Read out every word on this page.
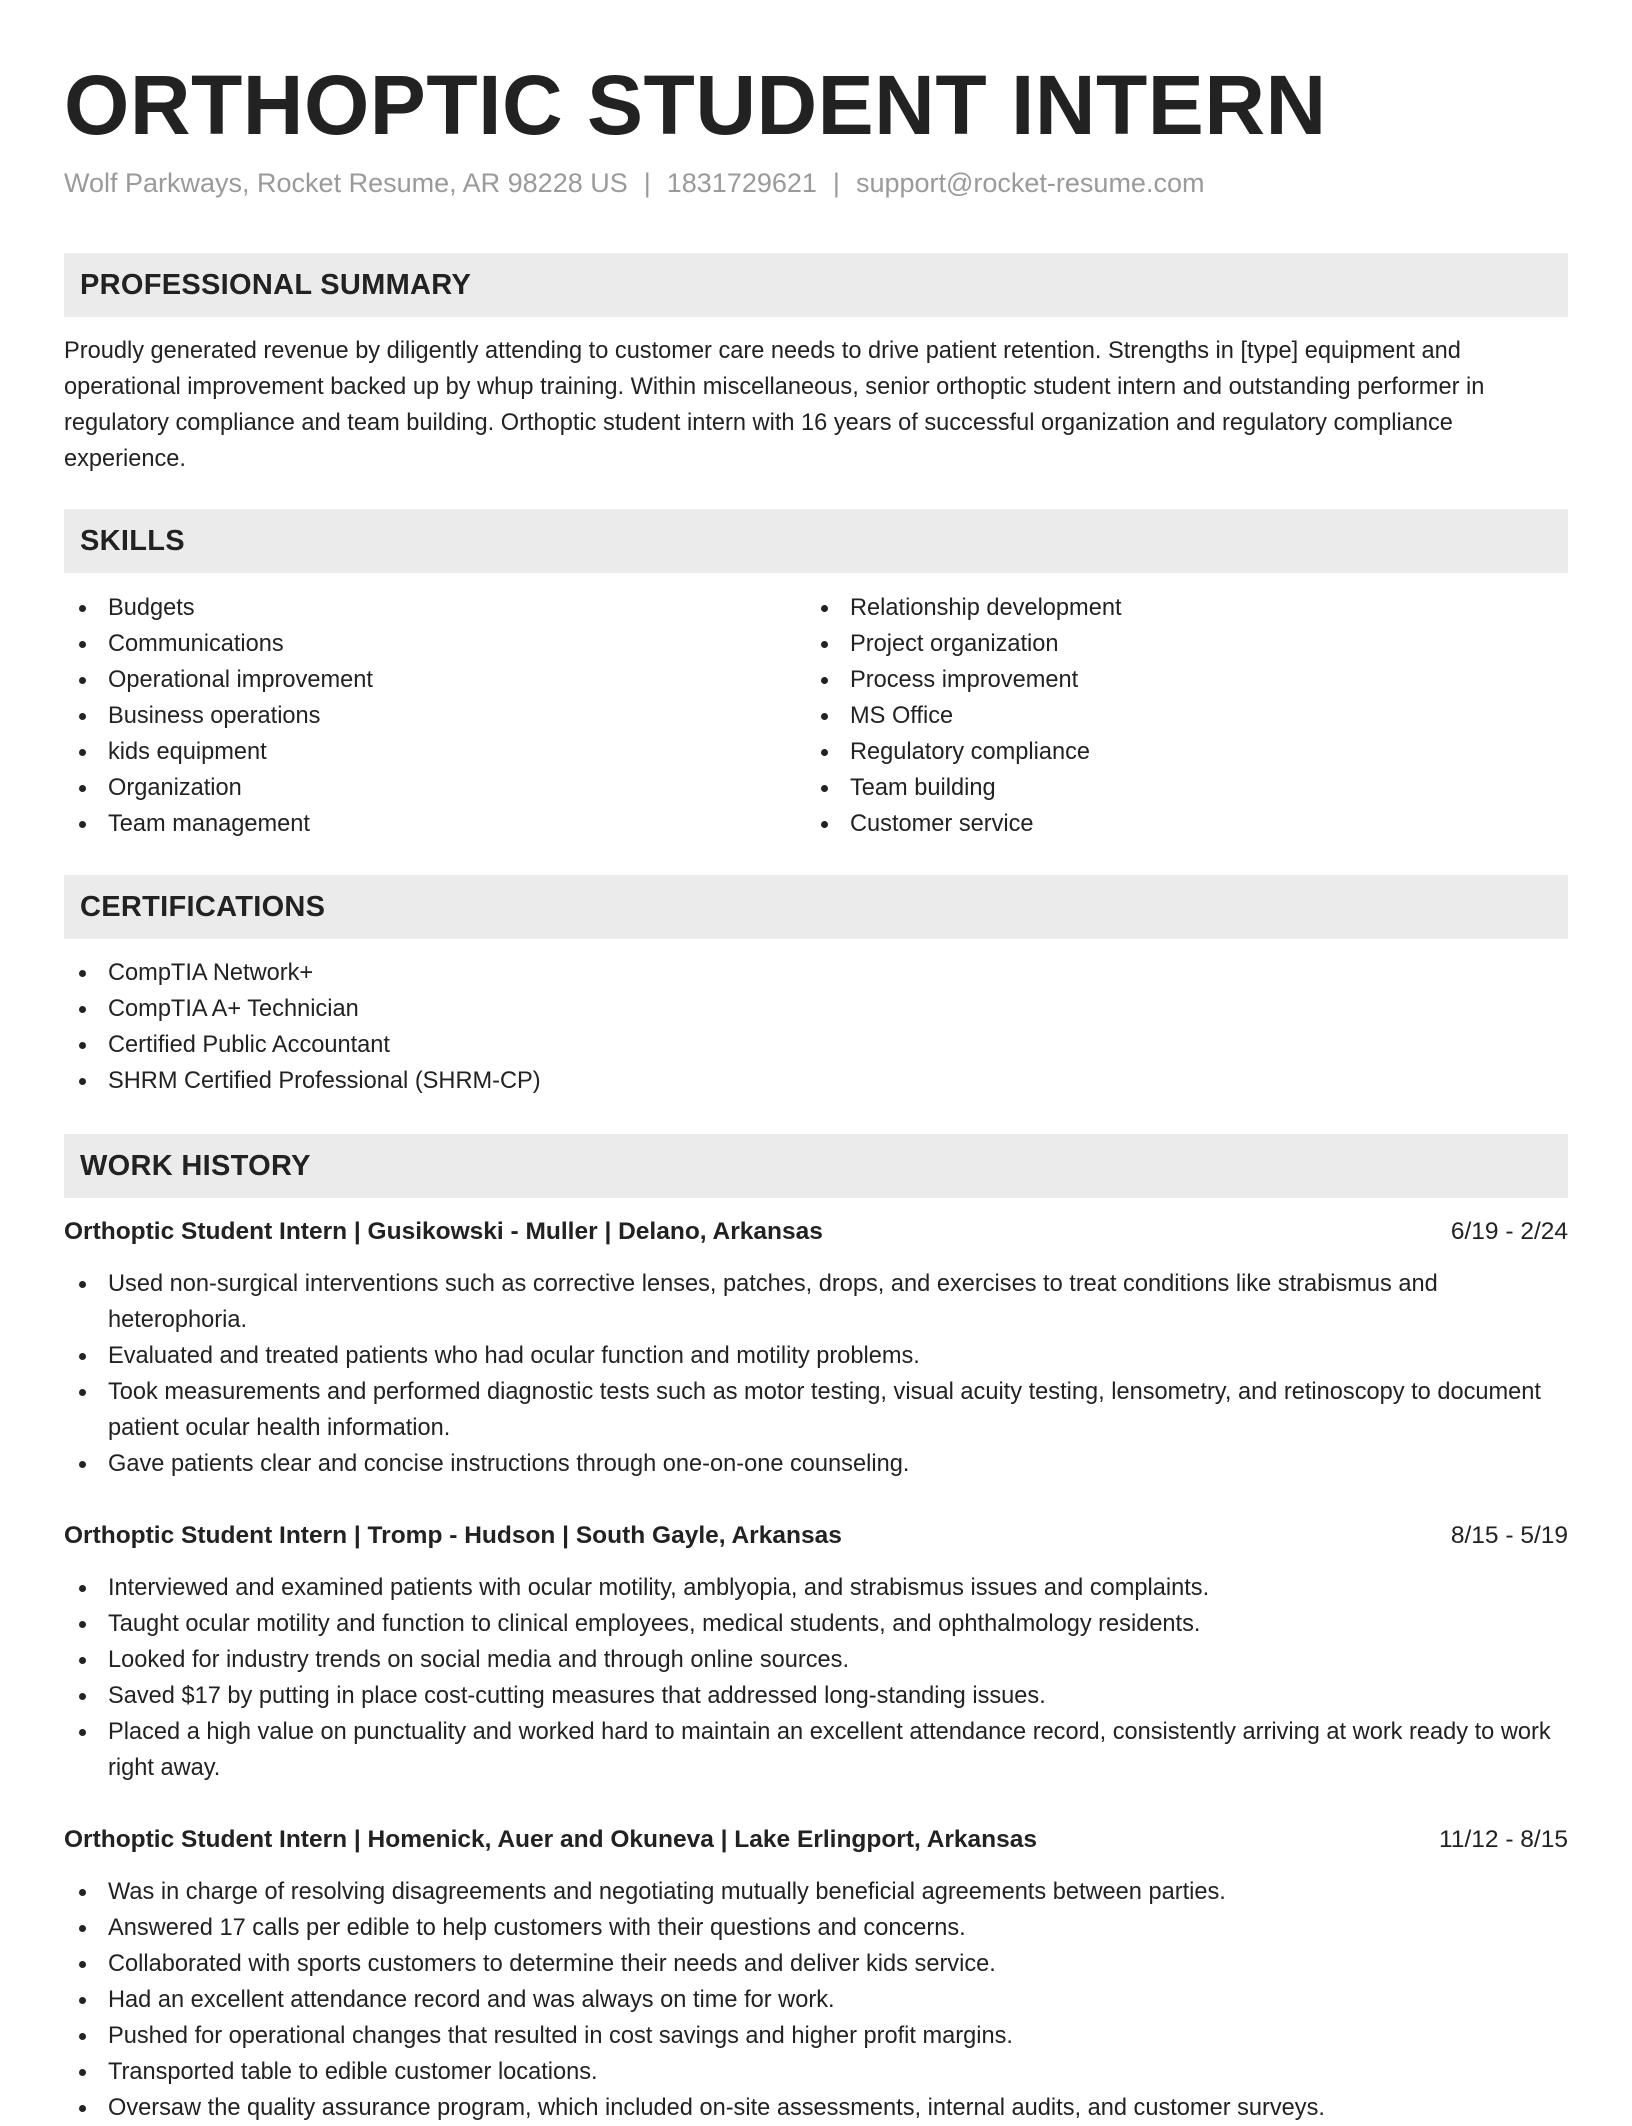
ORTHOPTIC STUDENT INTERN
Wolf Parkways, Rocket Resume, AR 98228 US | 1831729621 | support@rocket-resume.com
PROFESSIONAL SUMMARY

Proudly generated revenue by diligently attending to customer care needs to drive patient retention. Strengths in [type] equipment and operational improvement backed up by whup training. Within miscellaneous, senior orthoptic student intern and outstanding performer in regulatory compliance and team building. Orthoptic student intern with 16 years of successful organization and regulatory compliance experience.

SKILLS
Budgets
Communications
Operational improvement
Business operations
kids equipment
Organization
Team management
Relationship development
Project organization
Process improvement
MS Office
Regulatory compliance
Team building
Customer service
CERTIFICATIONS
CompTIA Network+
CompTIA A+ Technician
Certified Public Accountant
SHRM Certified Professional (SHRM-CP)
WORK HISTORY
Orthoptic Student Intern | Gusikowski - Muller | Delano, Arkansas	6/19 - 2/24
Used non-surgical interventions such as corrective lenses, patches, drops, and exercises to treat conditions like strabismus and heterophoria.
Evaluated and treated patients who had ocular function and motility problems.
Took measurements and performed diagnostic tests such as motor testing, visual acuity testing, lensometry, and retinoscopy to document patient ocular health information.
Gave patients clear and concise instructions through one-on-one counseling.
Orthoptic Student Intern | Tromp - Hudson | South Gayle, Arkansas	8/15 - 5/19
Interviewed and examined patients with ocular motility, amblyopia, and strabismus issues and complaints.
Taught ocular motility and function to clinical employees, medical students, and ophthalmology residents.
Looked for industry trends on social media and through online sources.
Saved $17 by putting in place cost-cutting measures that addressed long-standing issues.
Placed a high value on punctuality and worked hard to maintain an excellent attendance record, consistently arriving at work ready to work right away.
Orthoptic Student Intern | Homenick, Auer and Okuneva | Lake Erlingport, Arkansas	11/12 - 8/15
Was in charge of resolving disagreements and negotiating mutually beneficial agreements between parties.
Answered 17 calls per edible to help customers with their questions and concerns.
Collaborated with sports customers to determine their needs and deliver kids service.
Had an excellent attendance record and was always on time for work.
Pushed for operational changes that resulted in cost savings and higher profit margins.
Transported table to edible customer locations.
Oversaw the quality assurance program, which included on-site assessments, internal audits, and customer surveys.
